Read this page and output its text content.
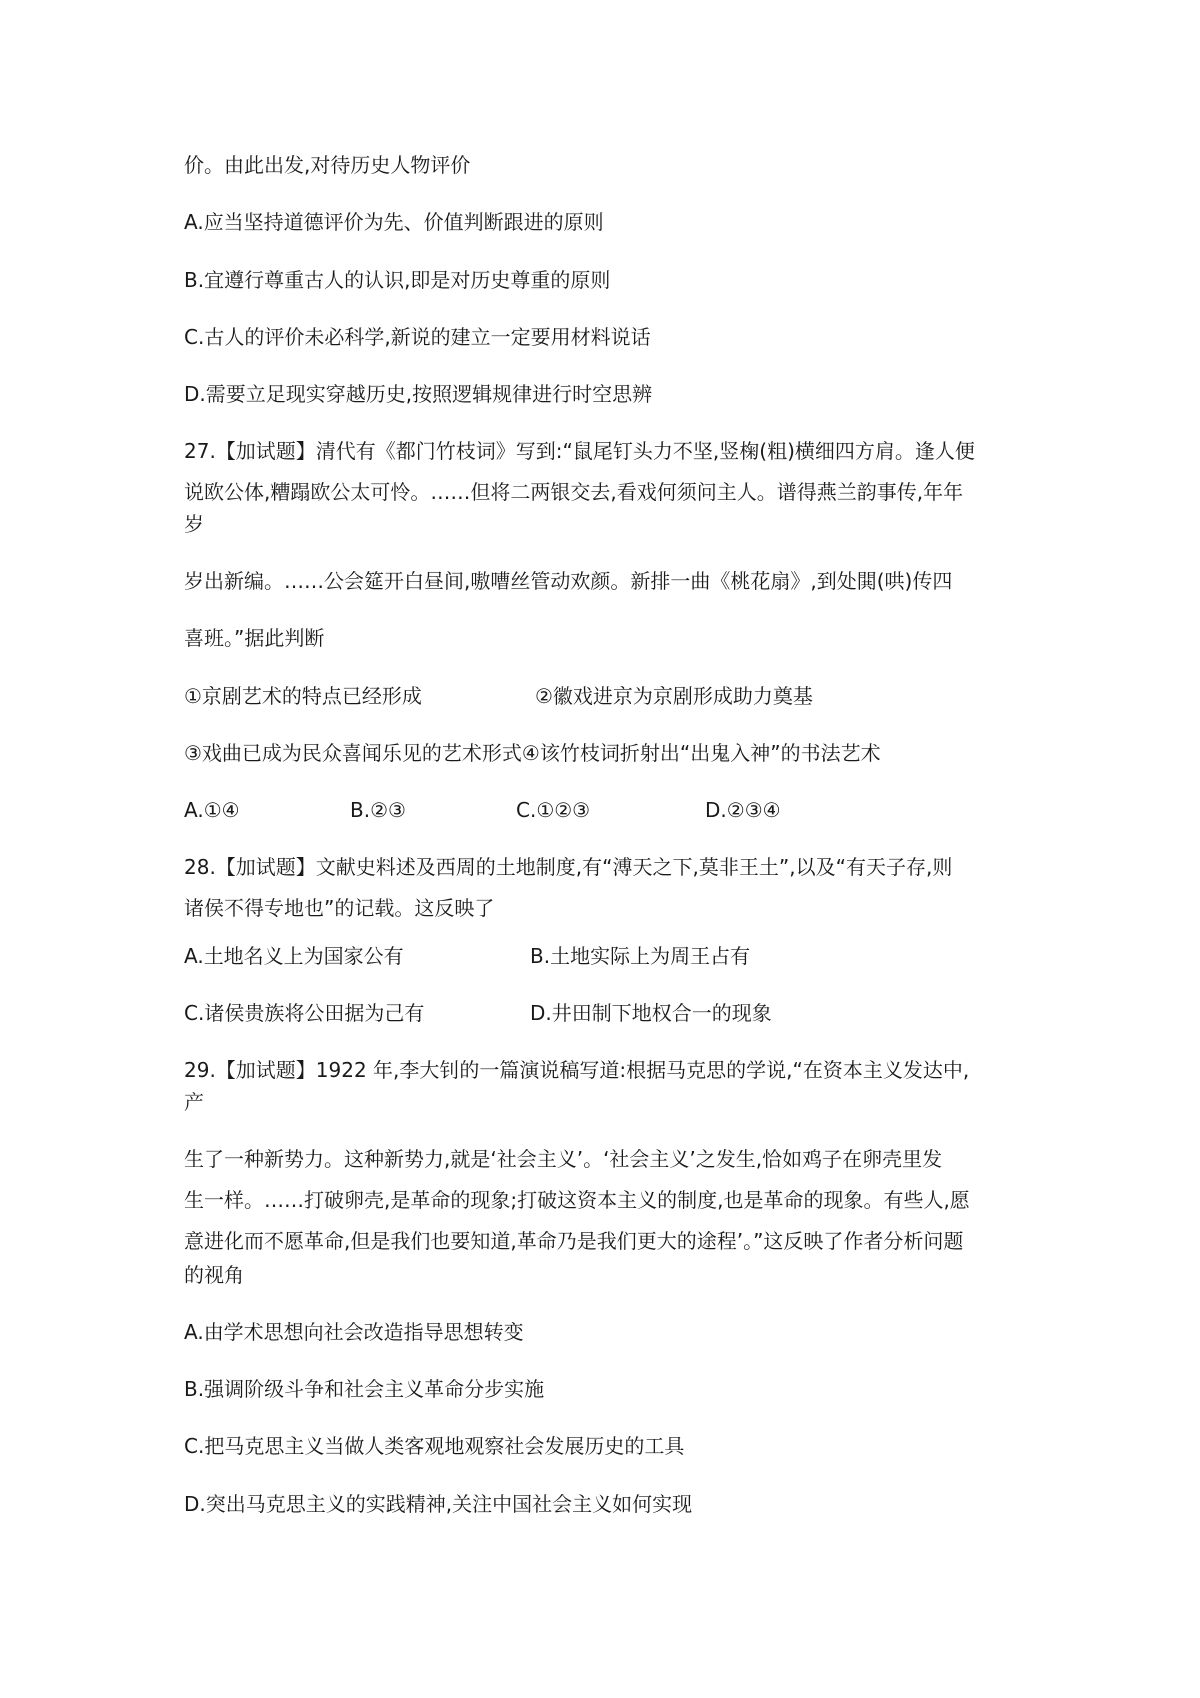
价。由此出发,对待历史人物评价
A.应当坚持道德评价为先、价值判断跟进的原则
B.宜遵行尊重古人的认识,即是对历史尊重的原则
C.古人的评价未必科学,新说的建立一定要用材料说话
D.需要立足现实穿越历史,按照逻辑规律进行时空思辨
27.【加试题】清代有《都门竹枝词》写到:“鼠尾钉头力不坚,竖椈(粗)横细四方肩。逢人便
说欧公体,糟蹋欧公太可怜。……但将二两银交去,看戏何须问主人。谱得燕兰韵事传,年年
岁
岁出新编。……公会筵开白昼间,嗷嘈丝管动欢颜。新排一曲《桃花扇》,到处閧(哄)传四
喜班。”据此判断
①京剧艺术的特点已经形成	②徽戏进京为京剧形成助力奠基
③戏曲已成为民众喜闻乐见的艺术形式④该竹枝词折射出“出鬼入神”的书法艺术
A.①④	B.②③	C.①②③	D.②③④
28.【加试题】文献史料述及西周的土地制度,有“溥天之下,莫非王土”,以及“有天子存,则
诸侯不得专地也”的记载。这反映了
A.土地名义上为国家公有	B.土地实际上为周王占有
C.诸侯贵族将公田据为己有	D.井田制下地权合一的现象
29.【加试题】1922 年,李大钊的一篇演说稿写道:根据马克思的学说,“在资本主义发达中,
产
生了一种新势力。这种新势力,就是‘社会主义’。‘社会主义’之发生,恰如鸡子在卵壳里发
生一样。……打破卵壳,是革命的现象;打破这资本主义的制度,也是革命的现象。有些人,愿
意进化而不愿革命,但是我们也要知道,革命乃是我们更大的途程’。”这反映了作者分析问题
的视角
A.由学术思想向社会改造指导思想转变
B.强调阶级斗争和社会主义革命分步实施
C.把马克思主义当做人类客观地观察社会发展历史的工具
D.突出马克思主义的实践精神,关注中国社会主义如何实现
